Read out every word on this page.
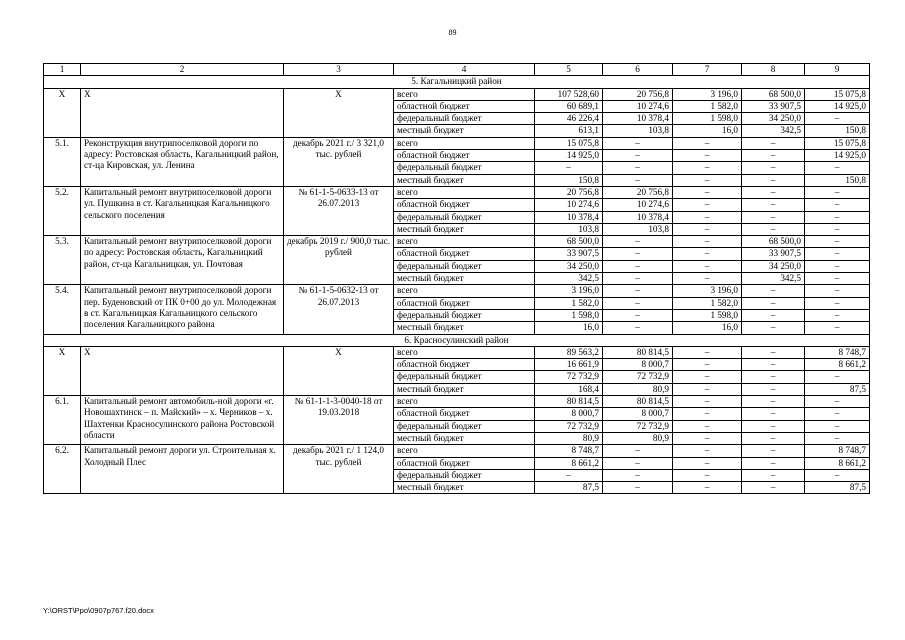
89
1	2	3	4	5	6	7	8	9
5. Кагальницкий район								
Х	Х	Х	всего	107 528,60	20 756,8	3 196,0	68 500,0	15 075,8
			областной бюджет	60 689,1	10 274,6	1 582,0	33 907,5	14 925,0
			федеральный бюджет	46 226,4	10 378,4	1 598,0	34 250,0	–
			местный бюджет	613,1	103,8	16,0	342,5	150,8
5.1.	Реконструкция внутрипоселковой дороги по адресу: Ростовская область, Кагальницкий район, ст-ца Кировская, ул. Ленина	декабрь 2021 г./ 3 321,0 тыс. рублей	всего	15 075,8	–	–	–	15 075,8
			областной бюджет	14 925,0	–	–	–	14 925,0
			федеральный бюджет	–	–	–	–	–
			местный бюджет	150,8	–	–	–	150,8
5.2.	Капитальный ремонт внутрипоселковой дороги ул. Пушкина в ст. Кагальницкая Кагальницкого сельского поселения	№ 61-1-5-0633-13 от 26.07.2013	всего	20 756,8	20 756,8	–	–	–
			областной бюджет	10 274,6	10 274,6	–	–	–
			федеральный бюджет	10 378,4	10 378,4	–	–	–
			местный бюджет	103,8	103,8	–	–	–
5.3.	Капитальный ремонт внутрипоселковой дороги по адресу: Ростовская область, Кагальницкий район, ст-ца Кагальницкая, ул. Почтовая	декабрь 2019 г./ 900,0 тыс. рублей	всего	68 500,0	–	–	68 500,0	–
			областной бюджет	33 907,5	–	–	33 907,5	–
			федеральный бюджет	34 250,0	–	–	34 250,0	–
			местный бюджет	342,5	–	–	342,5	–
5.4.	Капитальный ремонт внутрипоселковой дороги пер. Буденовский от ПК 0+00 до ул. Молодежная в ст. Кагальницкая Кагальницкого сельского поселения Кагальницкого района	№ 61-1-5-0632-13 от 26.07.2013	всего	3 196,0	–	3 196,0	–	–
			областной бюджет	1 582,0	–	1 582,0	–	–
			федеральный бюджет	1 598,0	–	1 598,0	–	–
			местный бюджет	16,0	–	16,0	–	–
6. Красносулинский район								
Х	Х	Х	всего	89 563,2	80 814,5	–	–	8 748,7
			областной бюджет	16 661,9	8 000,7	–	–	8 661,2
			федеральный бюджет	72 732,9	72 732,9	–	–	–
			местный бюджет	168,4	80,9	–	–	87,5
6.1.	Капитальный ремонт автомобиль-ной дороги «г. Новошахтинск – п. Майский» – х. Черников – х. Шахтенки Красносулинского района Ростовской области	№ 61-1-1-3-0040-18 от 19.03.2018	всего	80 814,5	80 814,5	–	–	–
			областной бюджет	8 000,7	8 000,7	–	–	–
			федеральный бюджет	72 732,9	72 732,9	–	–	–
			местный бюджет	80,9	80,9	–	–	–
6.2.	Капитальный ремонт дороги ул. Строительная х. Холодный Плес	декабрь 2021 г./ 1 124,0 тыс. рублей	всего	8 748,7	–	–	–	8 748,7
			областной бюджет	8 661,2	–	–	–	8 661,2
			федеральный бюджет	–	–	–	–	–
			местный бюджет	87,5	–	–	–	87,5
Y:\ORST\Ppo\0907p767.f20.docx
